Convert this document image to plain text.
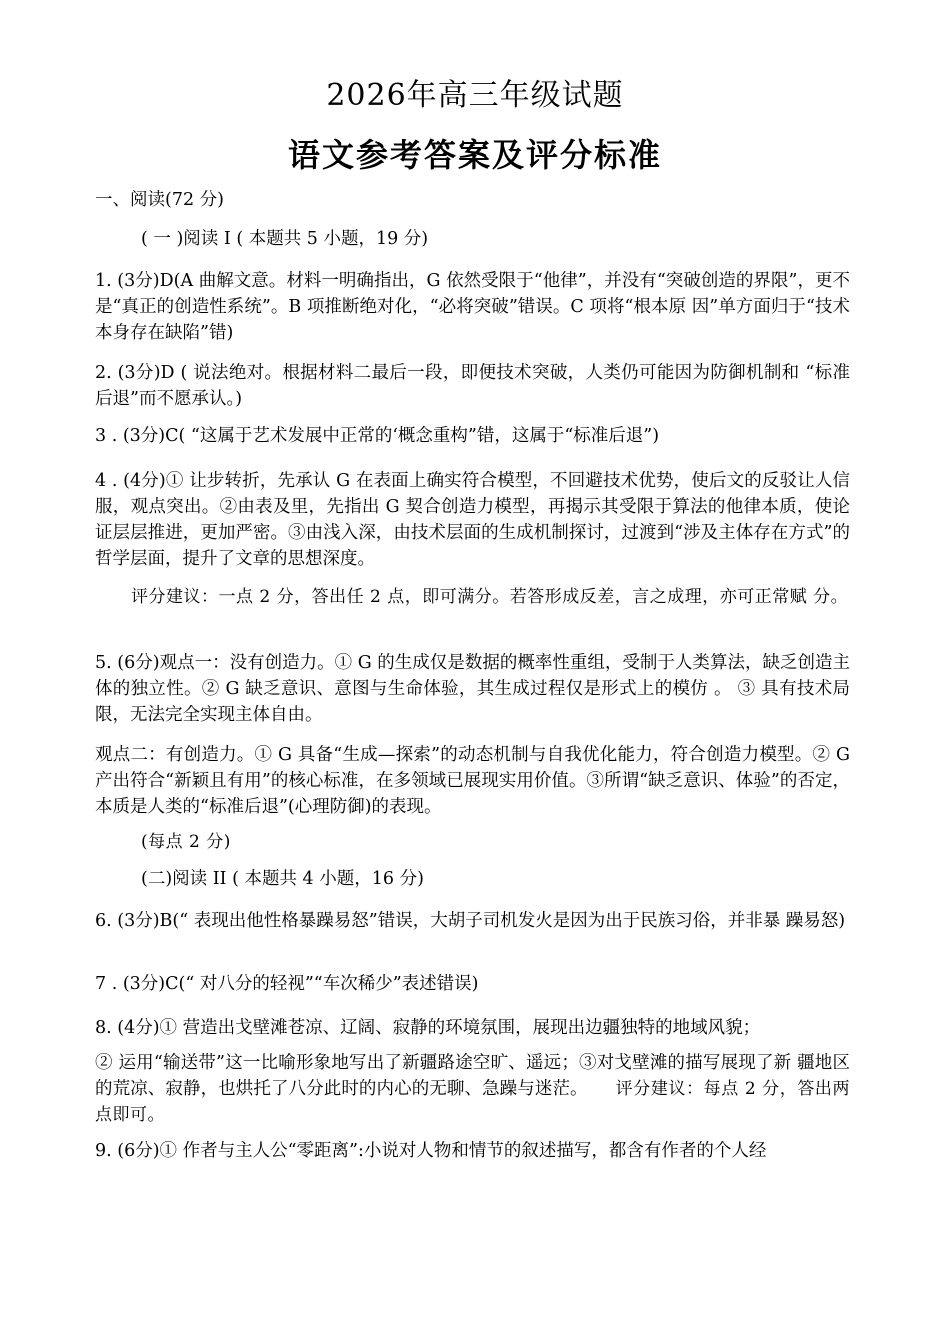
2026年高三年级试题
语文参考答案及评分标准
一、阅读(72 分)
( 一 )阅读 I ( 本题共 5 小题，19 分)
1. (3分)D(A 曲解文意。材料一明确指出，G 依然受限于“他律”，并没有“突破创造的界限”，更不是“真正的创造性系统”。B 项推断绝对化，“必将突破”错误。C 项将“根本原 因”单方面归于“技术本身存在缺陷”错)
2. (3分)D ( 说法绝对。根据材料二最后一段，即便技术突破，人类仍可能因为防御机制和 “标准后退”而不愿承认。)
3 . (3分)C( “这属于艺术发展中正常的‘概念重构”错，这属于“标准后退”)
4 . (4分)① 让步转折，先承认 G 在表面上确实符合模型，不回避技术优势，使后文的反驳让人信服，观点突出。②由表及里，先指出 G 契合创造力模型，再揭示其受限于算法的他律本质，使论证层层推进，更加严密。③由浅入深，由技术层面的生成机制探讨，过渡到“涉及主体存在方式”的哲学层面，提升了文章的思想深度。
评分建议：一点 2 分，答出任 2 点，即可满分。若答形成反差，言之成理，亦可正常赋 分。
5. (6分)观点一：没有创造力。① G 的生成仅是数据的概率性重组，受制于人类算法，缺乏创造主体的独立性。② G 缺乏意识、意图与生命体验，其生成过程仅是形式上的模仿 。 ③ 具有技术局限，无法完全实现主体自由。
观点二：有创造力。① G 具备“生成—探索”的动态机制与自我优化能力，符合创造力模型。② G 产出符合“新颖且有用”的核心标准，在多领域已展现实用价值。③所谓“缺乏意识、体验”的否定，本质是人类的“标准后退”(心理防御)的表现。
(每点 2 分)
(二)阅读 II ( 本题共 4 小题，16 分)
6. (3分)B(“ 表现出他性格暴躁易怒”错误，大胡子司机发火是因为出于民族习俗，并非暴 躁易怒)
7 . (3分)C(“ 对八分的轻视”“车次稀少”表述错误)
8. (4分)① 营造出戈壁滩苍凉、辽阔、寂静的环境氛围，展现出边疆独特的地域风貌；
② 运用“输送带”这一比喻形象地写出了新疆路途空旷、遥远；③对戈壁滩的描写展现了新 疆地区的荒凉、寂静，也烘托了八分此时的内心的无聊、急躁与迷茫。 评分建议：每点 2 分，答出两点即可。
9. (6分)① 作者与主人公“零距离”:小说对人物和情节的叙述描写，都含有作者的个人经
